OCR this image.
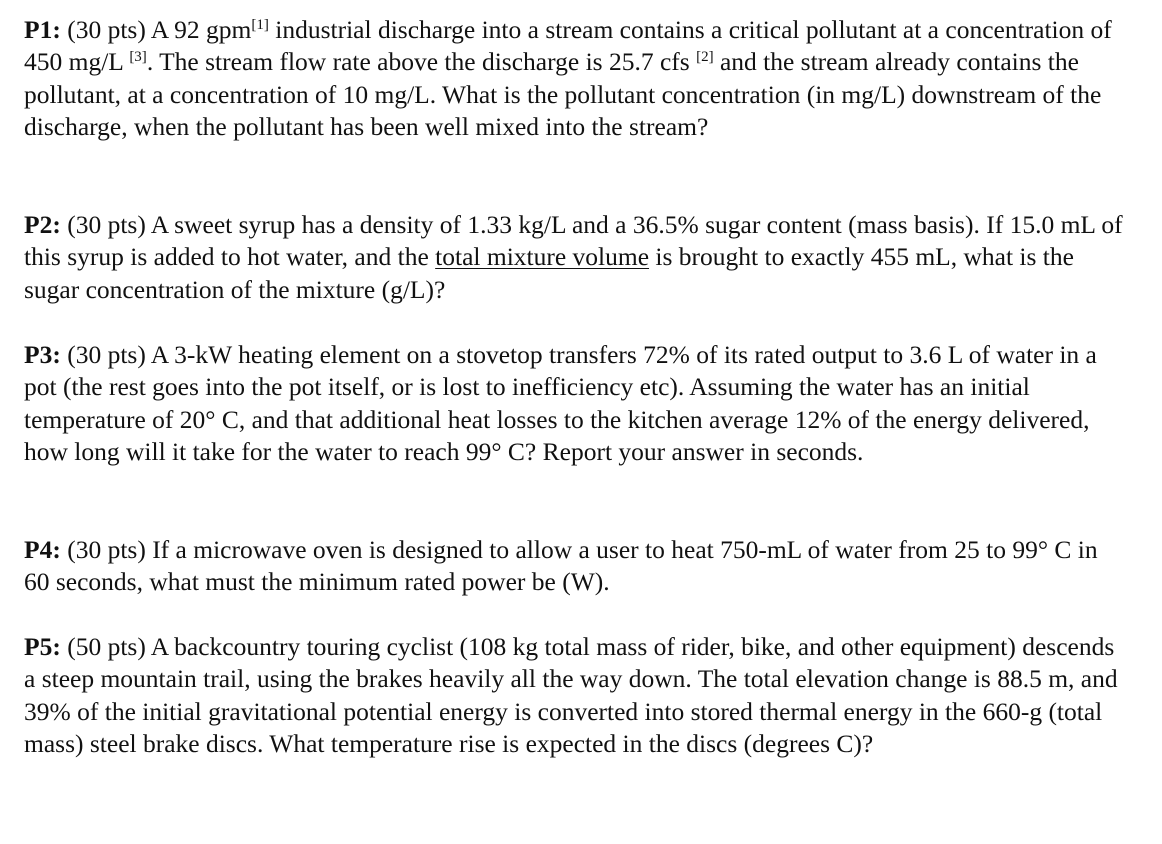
P1: (30 pts) A 92 gpm[1] industrial discharge into a stream contains a critical pollutant at a concentration of 450 mg/L [3]. The stream flow rate above the discharge is 25.7 cfs [2] and the stream already contains the pollutant, at a concentration of 10 mg/L. What is the pollutant concentration (in mg/L) downstream of the discharge, when the pollutant has been well mixed into the stream?

P2: (30 pts) A sweet syrup has a density of 1.33 kg/L and a 36.5% sugar content (mass basis). If 15.0 mL of this syrup is added to hot water, and the total mixture volume is brought to exactly 455 mL, what is the sugar concentration of the mixture (g/L)?

P3: (30 pts) A 3-kW heating element on a stovetop transfers 72% of its rated output to 3.6 L of water in a pot (the rest goes into the pot itself, or is lost to inefficiency etc). Assuming the water has an initial temperature of 20° C, and that additional heat losses to the kitchen average 12% of the energy delivered, how long will it take for the water to reach 99° C? Report your answer in seconds.

P4: (30 pts) If a microwave oven is designed to allow a user to heat 750-mL of water from 25 to 99° C in 60 seconds, what must the minimum rated power be (W).

P5: (50 pts) A backcountry touring cyclist (108 kg total mass of rider, bike, and other equipment) descends a steep mountain trail, using the brakes heavily all the way down. The total elevation change is 88.5 m, and 39% of the initial gravitational potential energy is converted into stored thermal energy in the 660-g (total mass) steel brake discs. What temperature rise is expected in the discs (degrees C)?
